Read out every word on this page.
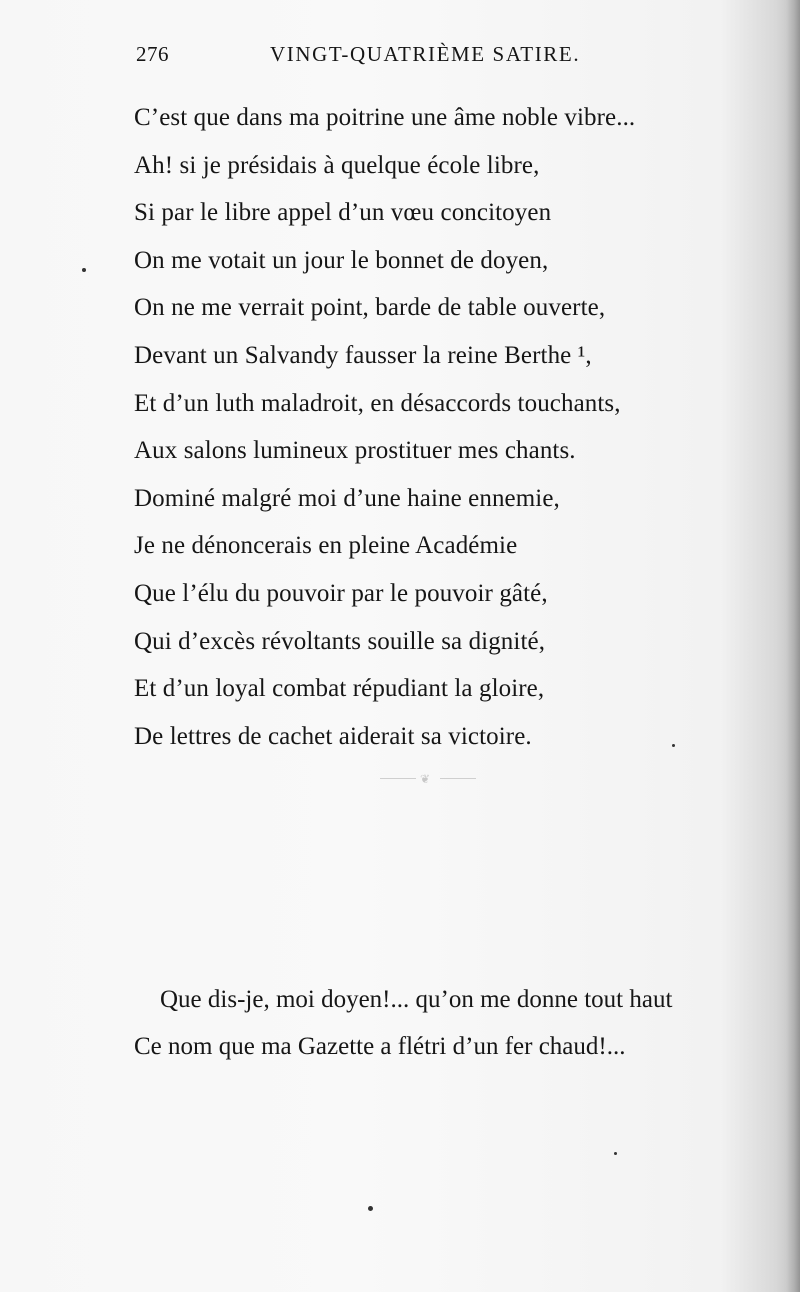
276	VINGT-QUATRIÈME SATIRE.
C’est que dans ma poitrine une âme noble vibre...
Ah! si je présidais à quelque école libre,
Si par le libre appel d’un vœu concitoyen
On me votait un jour le bonnet de doyen,
On ne me verrait point, barde de table ouverte,
Devant un Salvandy fausser la reine Berthe ¹,
Et d’un luth maladroit, en désaccords touchants,
Aux salons lumineux prostituer mes chants.
Dominé malgré moi d’une haine ennemie,
Je ne dénoncerais en pleine Académie
Que l’élu du pouvoir par le pouvoir gâté,
Qui d’excès révoltants souille sa dignité,
Et d’un loyal combat répudiant la gloire,
De lettres de cachet aiderait sa victoire.
❦
Que dis-je, moi doyen!... qu’on me donne tout haut
Ce nom que ma Gazette a flétri d’un fer chaud!...
